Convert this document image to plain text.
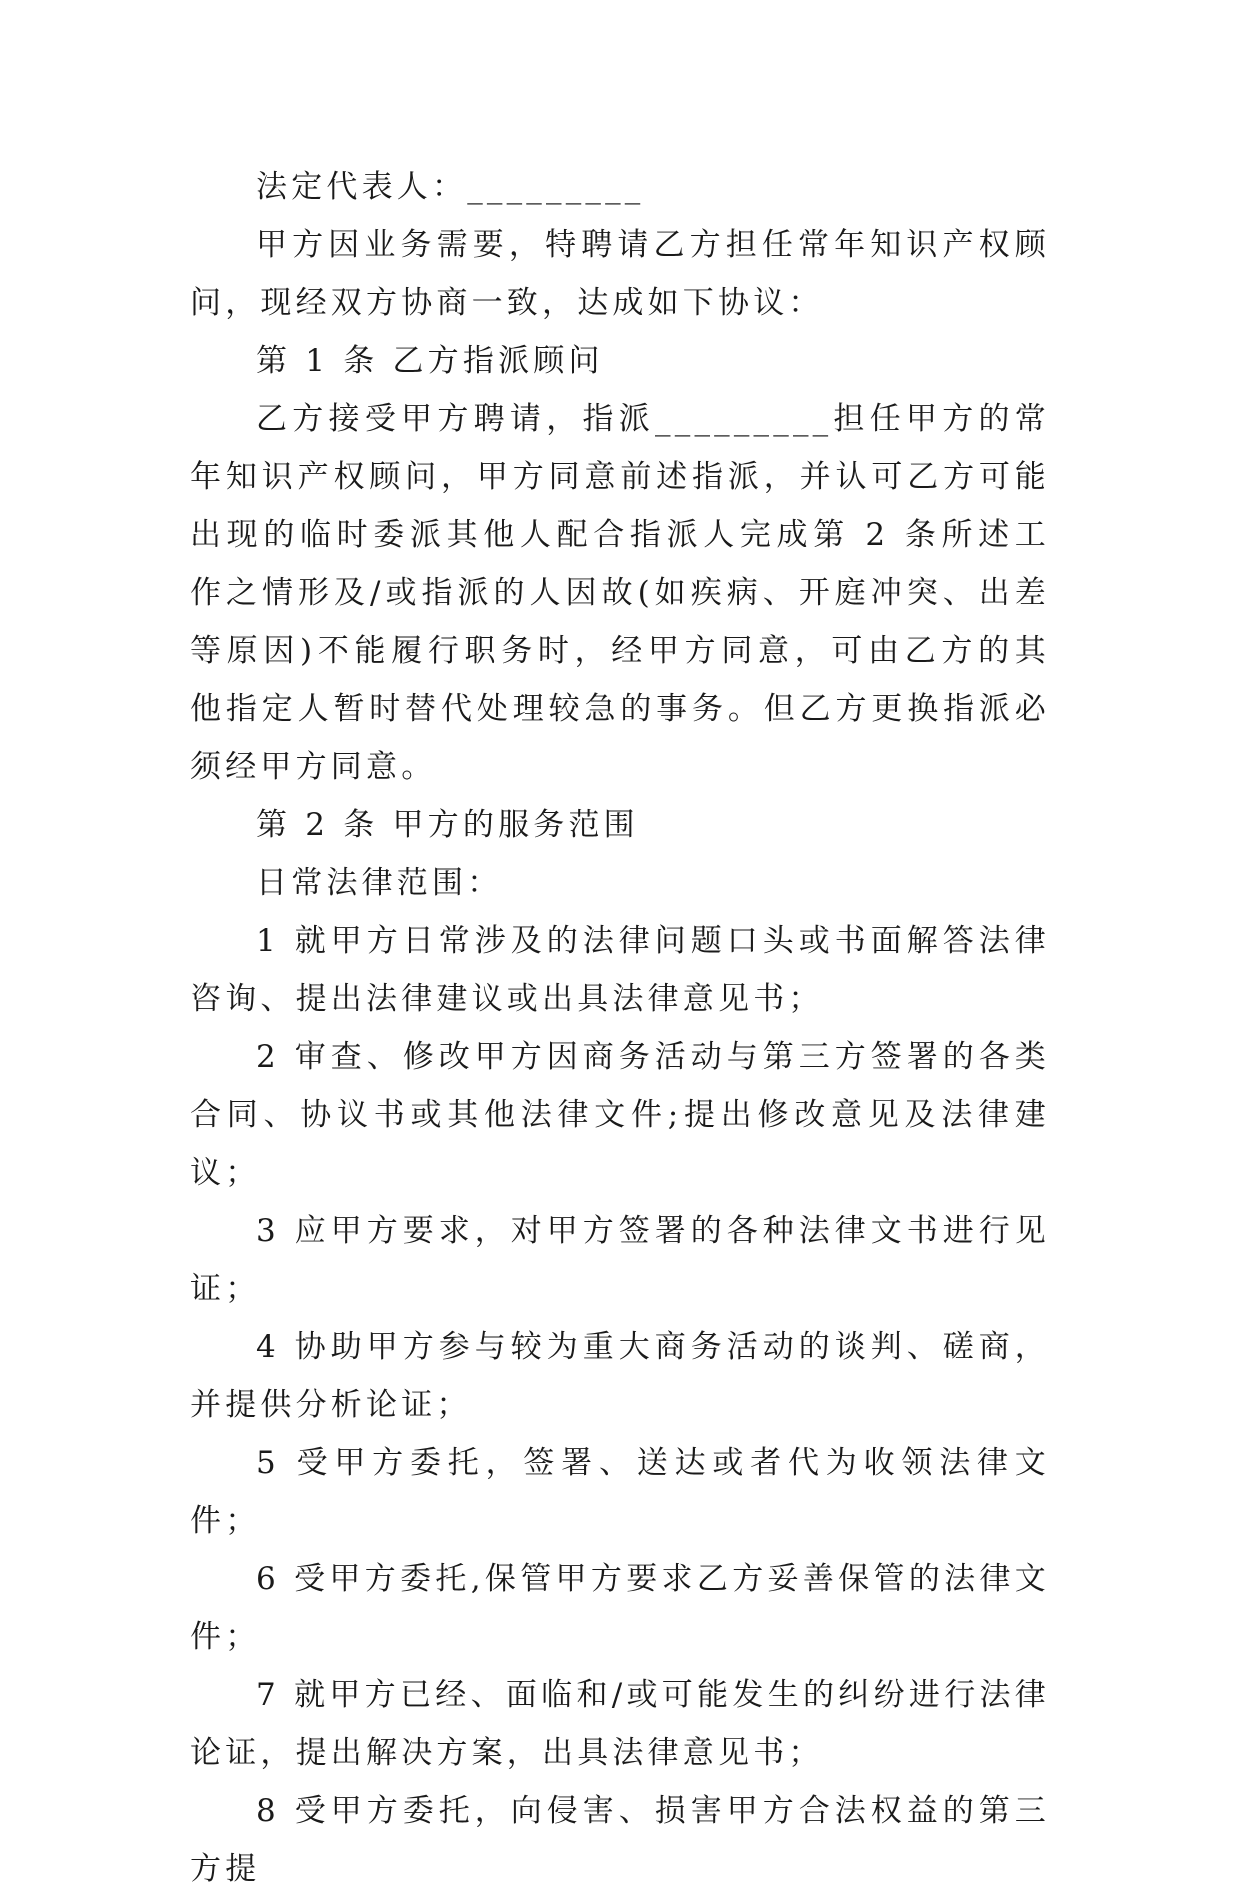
法定代表人：_________

甲方因业务需要，特聘请乙方担任常年知识产权顾问，现经双方协商一致，达成如下协议：

第 1 条 乙方指派顾问

乙方接受甲方聘请，指派_________担任甲方的常年知识产权顾问，甲方同意前述指派，并认可乙方可能出现的临时委派其他人配合指派人完成第 2 条所述工作之情形及/或指派的人因故(如疾病、开庭冲突、出差等原因)不能履行职务时，经甲方同意，可由乙方的其他指定人暂时替代处理较急的事务。但乙方更换指派必须经甲方同意。

第 2 条 甲方的服务范围

日常法律范围：

1 就甲方日常涉及的法律问题口头或书面解答法律咨询、提出法律建议或出具法律意见书；

2 审查、修改甲方因商务活动与第三方签署的各类合同、协议书或其他法律文件;提出修改意见及法律建议；

3 应甲方要求，对甲方签署的各种法律文书进行见证；

4 协助甲方参与较为重大商务活动的谈判、磋商，并提供分析论证；

5 受甲方委托，签署、送达或者代为收领法律文件；

6 受甲方委托,保管甲方要求乙方妥善保管的法律文件；

7 就甲方已经、面临和/或可能发生的纠纷进行法律论证，提出解决方案，出具法律意见书；

8 受甲方委托，向侵害、损害甲方合法权益的第三方提
